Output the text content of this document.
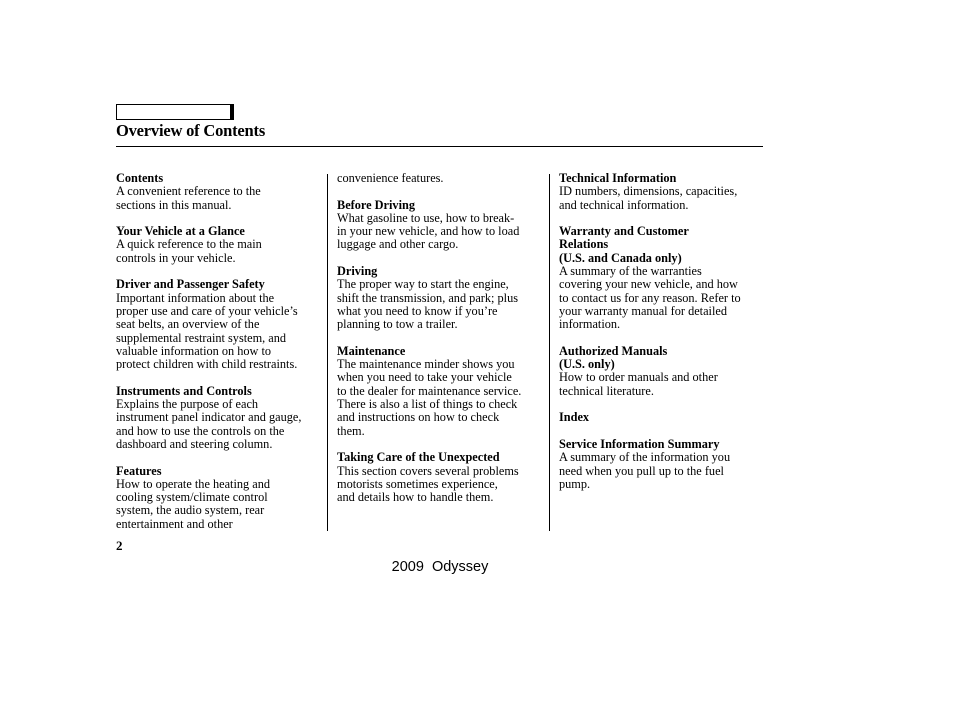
Overview of Contents
Contents
A convenient reference to the
sections in this manual.
Your Vehicle at a Glance
A quick reference to the main
controls in your vehicle.
Driver and Passenger Safety
Important information about the
proper use and care of your vehicle’s
seat belts, an overview of the
supplemental restraint system, and
valuable information on how to
protect children with child restraints.
Instruments and Controls
Explains the purpose of each
instrument panel indicator and gauge,
and how to use the controls on the
dashboard and steering column.
Features
How to operate the heating and
cooling system/climate control
system, the audio system, rear
entertainment and other
convenience features.
Before Driving
What gasoline to use, how to break-
in your new vehicle, and how to load
luggage and other cargo.
Driving
The proper way to start the engine,
shift the transmission, and park; plus
what you need to know if you’re
planning to tow a trailer.
Maintenance
The maintenance minder shows you
when you need to take your vehicle
to the dealer for maintenance service.
There is also a list of things to check
and instructions on how to check
them.
Taking Care of the Unexpected
This section covers several problems
motorists sometimes experience,
and details how to handle them.
Technical Information
ID numbers, dimensions, capacities,
and technical information.
Warranty and Customer
Relations
(U.S. and Canada only)
A summary of the warranties
covering your new vehicle, and how
to contact us for any reason. Refer to
your warranty manual for detailed
information.
Authorized Manuals
(U.S. only)
How to order manuals and other
technical literature.
Index
Service Information Summary
A summary of the information you
need when you pull up to the fuel
pump.
2
2009  Odyssey
